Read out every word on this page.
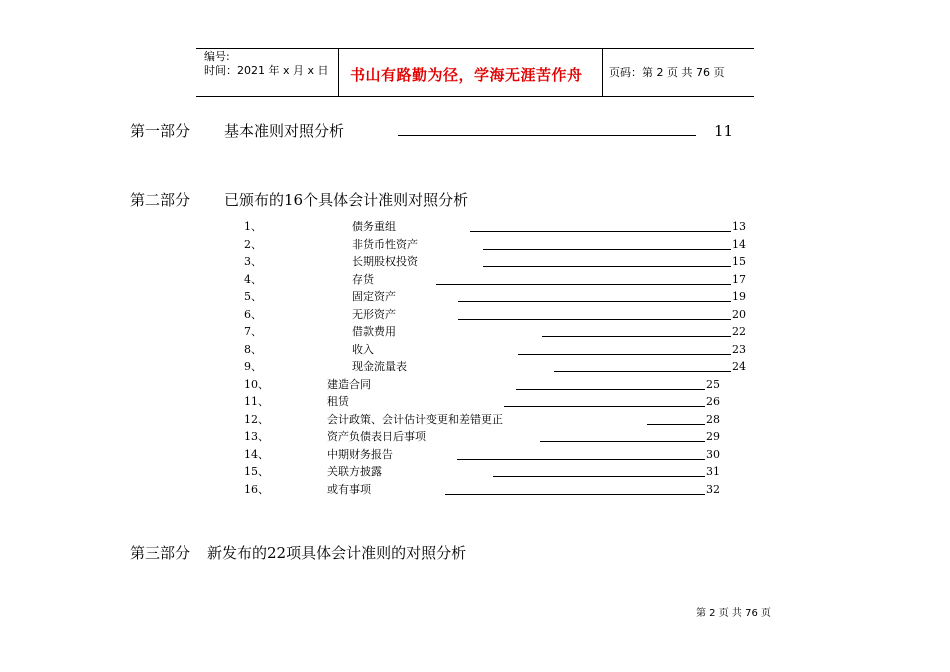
编号:
时间：2021 年 x 月 x 日 书山有路勤为径，学海无涯苦作舟 页码：第 2 页 共 76 页
第一部分 基本准则对照分析	11
第二部分 已颁布的16个具体会计准则对照分析
1、	债务重组	13
2、	非货币性资产	14
3、	长期股权投资	15
4、	存货	17
5、	固定资产	19
6、	无形资产	20
7、	借款费用	22
8、	收入	23
9、	现金流量表	24
10、	建造合同	25
11、	租赁	26
12、	会计政策、会计估计变更和差错更正	28
13、	资产负债表日后事项	29
14、	中期财务报告	30
15、	关联方披露	31
16、	或有事项	32
第三部分 新发布的22项具体会计准则的对照分析
第 2 页 共 76 页
